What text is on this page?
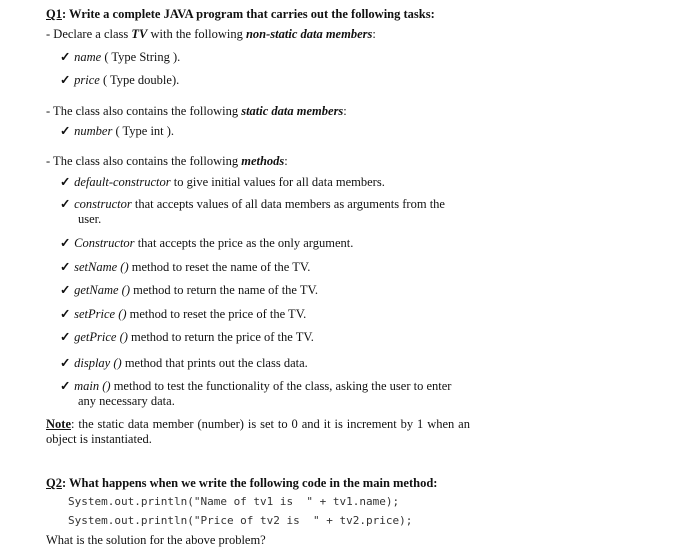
Q1: Write a complete JAVA program that carries out the following tasks:
- Declare a class TV with the following non-static data members:
✓ name ( Type String ).
✓ price ( Type double).
- The class also contains the following static data members:
✓ number ( Type int ).
- The class also contains the following methods:
✓ default-constructor to give initial values for all data members.
✓ constructor that accepts values of all data members as arguments from the
user.
✓ Constructor that accepts the price as the only argument.
✓ setName () method to reset the name of the TV.
✓ getName () method to return the name of the TV.
✓ setPrice () method to reset the price of the TV.
✓ getPrice () method to return the price of the TV.
✓ display () method that prints out the class data.
✓ main () method to test the functionality of the class, asking the user to enter
any necessary data.
Note: the static data member (number) is set to 0 and it is increment by 1 when an object is instantiated.
Q2: What happens when we write the following code in the main method:
System.out.println("Name of tv1 is  " + tv1.name);
System.out.println("Price of tv2 is  " + tv2.price);
What is the solution for the above problem?
